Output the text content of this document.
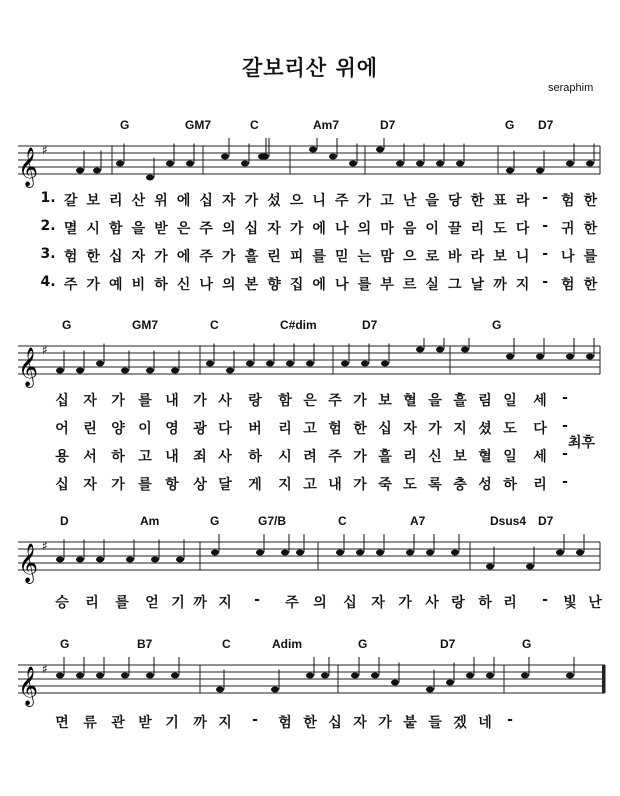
갈보리산 위에
seraphim
G	GM7	C	Am7	D7	G D7
𝄞 ♯
1. 갈 보 리 산 위 에 십 자 가 섰 으 니 주 가 고 난 을 당 한 표 라 - 험 한
2. 멸 시 함 을 받 은 주 의 십 자 가 에 나 의 마 음 이 끌 리 도 다 - 귀 한
3. 험 한 십 자 가 에 주 가 흘 린 피 를 믿 는 맘 으 로 바 라 보 니 - 나 를
4. 주 가 예 비 하 신 나 의 본 향 집 에 나 를 부 르 실 그 날 까 지 - 험 한
G	GM7	C	C#dim	D7	G
𝄞 ♯
십 자 가 를 내 가 사 랑 함 은 주 가 보 혈 을 흘 림 일 세 -
어 린 양 이 영 광 다 버 리 고 험 한 십 자 가 지 셨 도 다 -
용 서 하 고 내 죄 사 하 시 려 주 가 흘 리 신 보 혈 일 세 -
십 자 가 를 항 상 달 게 지 고 내 가 죽 도 록 충 성 하 리 -
최후
D	Am	G	G7/B	C	A7	Dsus4 D7
𝄞 ♯
승 리 를 얻 기 까 지 - 주 의 십 자 가 사 랑 하 리 - 빛 난
G	B7	C	Adim	G	D7	G
𝄞 ♯
면 류 관 받 기 까 지 - 험 한 십 자 가 붙 들 겠 네 -
